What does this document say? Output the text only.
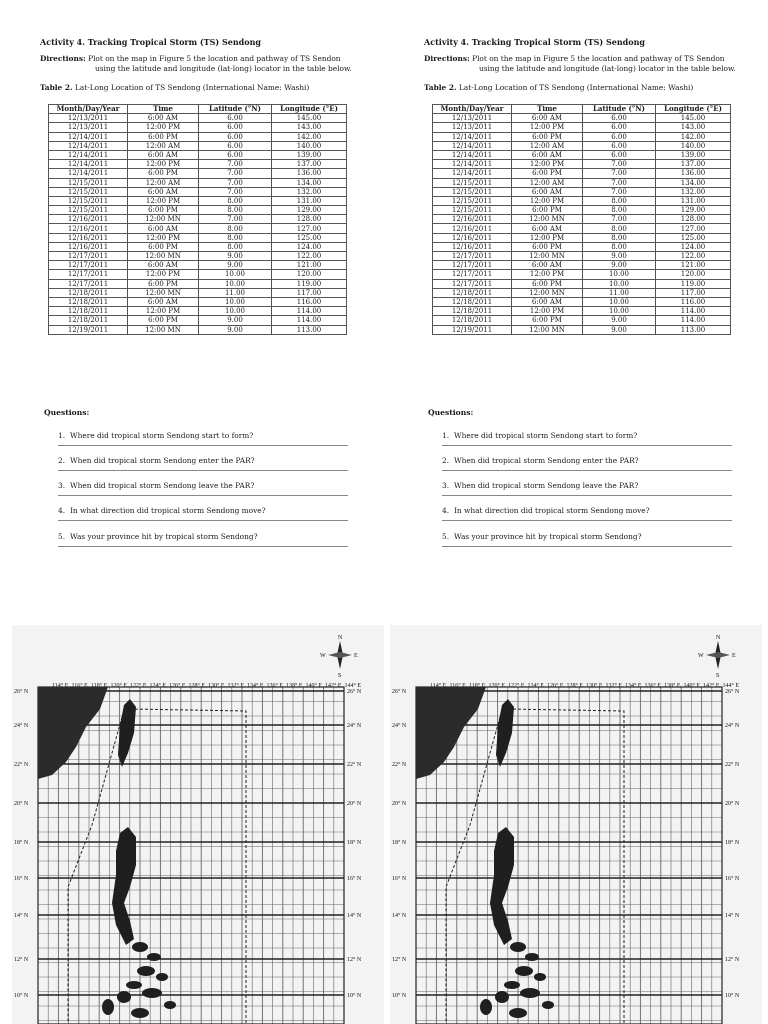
Activity 4. Tracking Tropical Storm (TS) Sendong
Directions: Plot on the map in Figure 5 the location and pathway of TS Sendon
using the latitude and longitude (lat-long) locator in the table below.
Table 2. Lat-Long Location of TS Sendong (International Name: Washi)
Month/Day/Year	Time	Latitude (°N)	Longitude (°E)
12/13/2011	6:00 AM	6.00	145.00
12/13/2011	12:00 PM	6.00	143.00
12/14/2011	6:00 PM	6.00	142.00
12/14/2011	12:00 AM	6.00	140.00
12/14/2011	6:00 AM	6.00	139.00
12/14/2011	12:00 PM	7.00	137.00
12/14/2011	6:00 PM	7.00	136.00
12/15/2011	12:00 AM	7.00	134.00
12/15/2011	6:00 AM	7.00	132.00
12/15/2011	12:00 PM	8.00	131.00
12/15/2011	6:00 PM	8.00	129.00
12/16/2011	12:00 MN	7.00	128.00
12/16/2011	6:00 AM	8.00	127.00
12/16/2011	12:00 PM	8.00	125.00
12/16/2011	6:00 PM	8.00	124.00
12/17/2011	12:00 MN	9.00	122.00
12/17/2011	6:00 AM	9.00	121.00
12/17/2011	12:00 PM	10.00	120.00
12/17/2011	6:00 PM	10.00	119.00
12/18/2011	12:00 MN	11.00	117.00
12/18/2011	6:00 AM	10.00	116.00
12/18/2011	12:00 PM	10.00	114.00
12/18/2011	6:00 PM	9.00	114.00
12/19/2011	12:00 MN	9.00	113.00
Questions:
1. Where did tropical storm Sendong start to form?
2. When did tropical storm Sendong enter the PAR?
3. When did tropical storm Sendong leave the PAR?
4. In what direction did tropical storm Sendong move?
5. Was your province hit by tropical storm Sendong?
Activity 4. Tracking Tropical Storm (TS) Sendong
Directions: Plot on the map in Figure 5 the location and pathway of TS Sendon
using the latitude and longitude (lat-long) locator in the table below.
Table 2. Lat-Long Location of TS Sendong (International Name: Washi)
Month/Day/Year	Time	Latitude (°N)	Longitude (°E)
12/13/2011	6:00 AM	6.00	145.00
12/13/2011	12:00 PM	6.00	143.00
12/14/2011	6:00 PM	6.00	142.00
12/14/2011	12:00 AM	6.00	140.00
12/14/2011	6:00 AM	6.00	139.00
12/14/2011	12:00 PM	7.00	137.00
12/14/2011	6:00 PM	7.00	136.00
12/15/2011	12:00 AM	7.00	134.00
12/15/2011	6:00 AM	7.00	132.00
12/15/2011	12:00 PM	8.00	131.00
12/15/2011	6:00 PM	8.00	129.00
12/16/2011	12:00 MN	7.00	128.00
12/16/2011	6:00 AM	8.00	127.00
12/16/2011	12:00 PM	8.00	125.00
12/16/2011	6:00 PM	8.00	124.00
12/17/2011	12:00 MN	9.00	122.00
12/17/2011	6:00 AM	9.00	121.00
12/17/2011	12:00 PM	10.00	120.00
12/17/2011	6:00 PM	10.00	119.00
12/18/2011	12:00 MN	11.00	117.00
12/18/2011	6:00 AM	10.00	116.00
12/18/2011	12:00 PM	10.00	114.00
12/18/2011	6:00 PM	9.00	114.00
12/19/2011	12:00 MN	9.00	113.00
Questions:
1. Where did tropical storm Sendong start to form?
2. When did tropical storm Sendong enter the PAR?
3. When did tropical storm Sendong leave the PAR?
4. In what direction did tropical storm Sendong move?
5. Was your province hit by tropical storm Sendong?
114° E 116° E 118° E 120° E 122° E 124° E 126° E 128° E 130° E 132° E 134° E 136° E 138° E 140° E 142° E 144° E
26° N	26° N
24° N	24° N
22° N	22° N
20° N	20° N
18° N	18° N
16° N	16° N
14° N	14° N
12° N	12° N
10° N	10° N
N
S
W	E
114° E 116° E 118° E 120° E 122° E 124° E 126° E 128° E 130° E 132° E 134° E 136° E 138° E 140° E 142° E 144° E
26° N	26° N
24° N	24° N
22° N	22° N
20° N	20° N
18° N	18° N
16° N	16° N
14° N	14° N
12° N	12° N
10° N	10° N
N
S
W	E
